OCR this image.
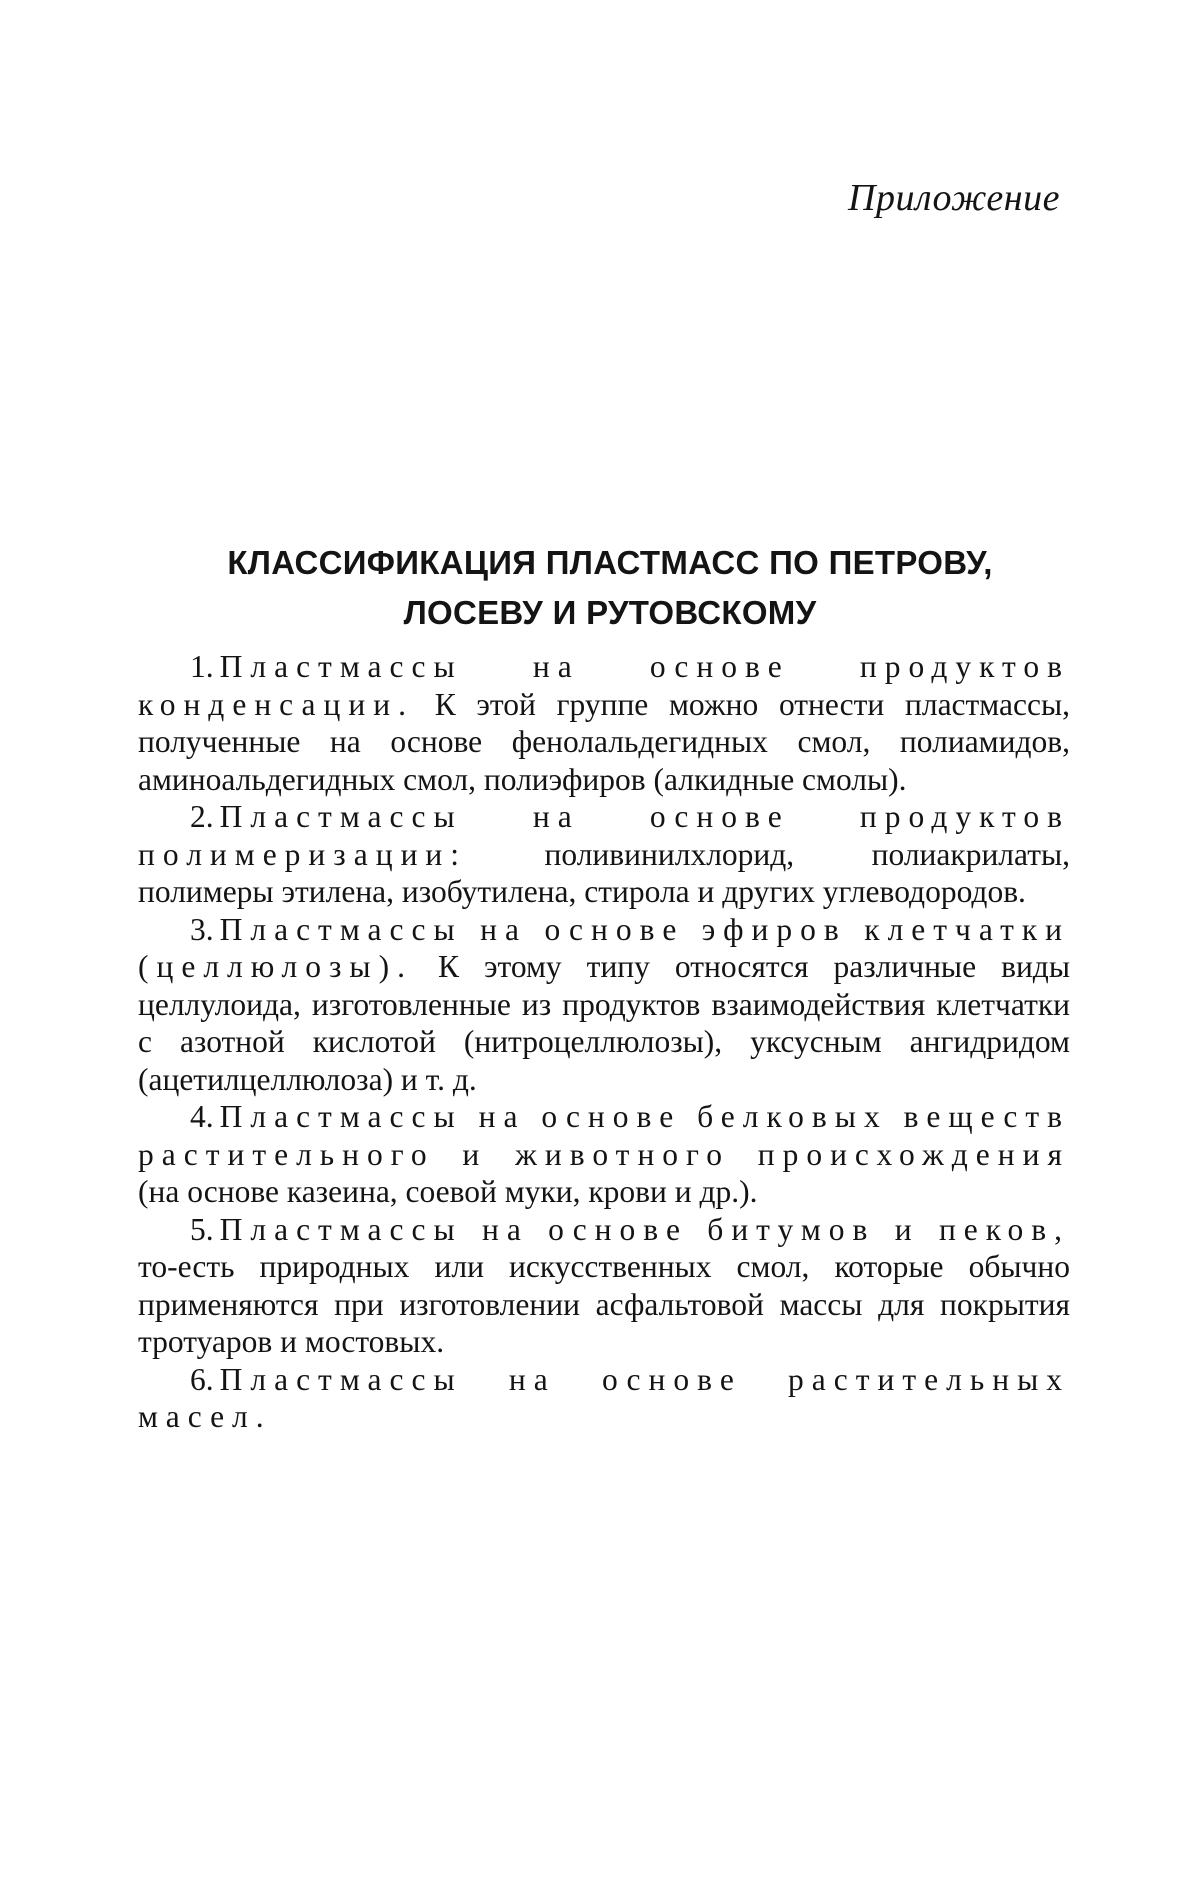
Приложение
КЛАССИФИКАЦИЯ ПЛАСТМАСС ПО ПЕТРОВУ,
ЛОСЕВУ И РУТОВСКОМУ

1. Пластмассы на основе продуктов конденсации. К этой группе можно отнести пластмассы, полученные на основе фенолальдегидных смол, полиамидов, аминоальдегидных смол, полиэфиров (алкидные смолы).

2. Пластмассы на основе продуктов полимеризации: поливинилхлорид, полиакрилаты, полимеры этилена, изобутилена, стирола и других углеводородов.

3. Пластмассы на основе эфиров клетчатки (целлюлозы). К этому типу относятся различные виды целлулоида, изготовленные из продуктов взаимодействия клетчатки с азотной кислотой (нитроцеллюлозы), уксусным ангидридом (ацетилцеллюлоза) и т. д.

4. Пластмассы на основе белковых веществ растительного и животного происхождения (на основе казеина, соевой муки, крови и др.).

5. Пластмассы на основе битумов и пеков, то-есть природных или искусственных смол, которые обычно применяются при изготовлении асфальтовой массы для покрытия тротуаров и мостовых.

6. Пластмассы на основе растительных масел.
